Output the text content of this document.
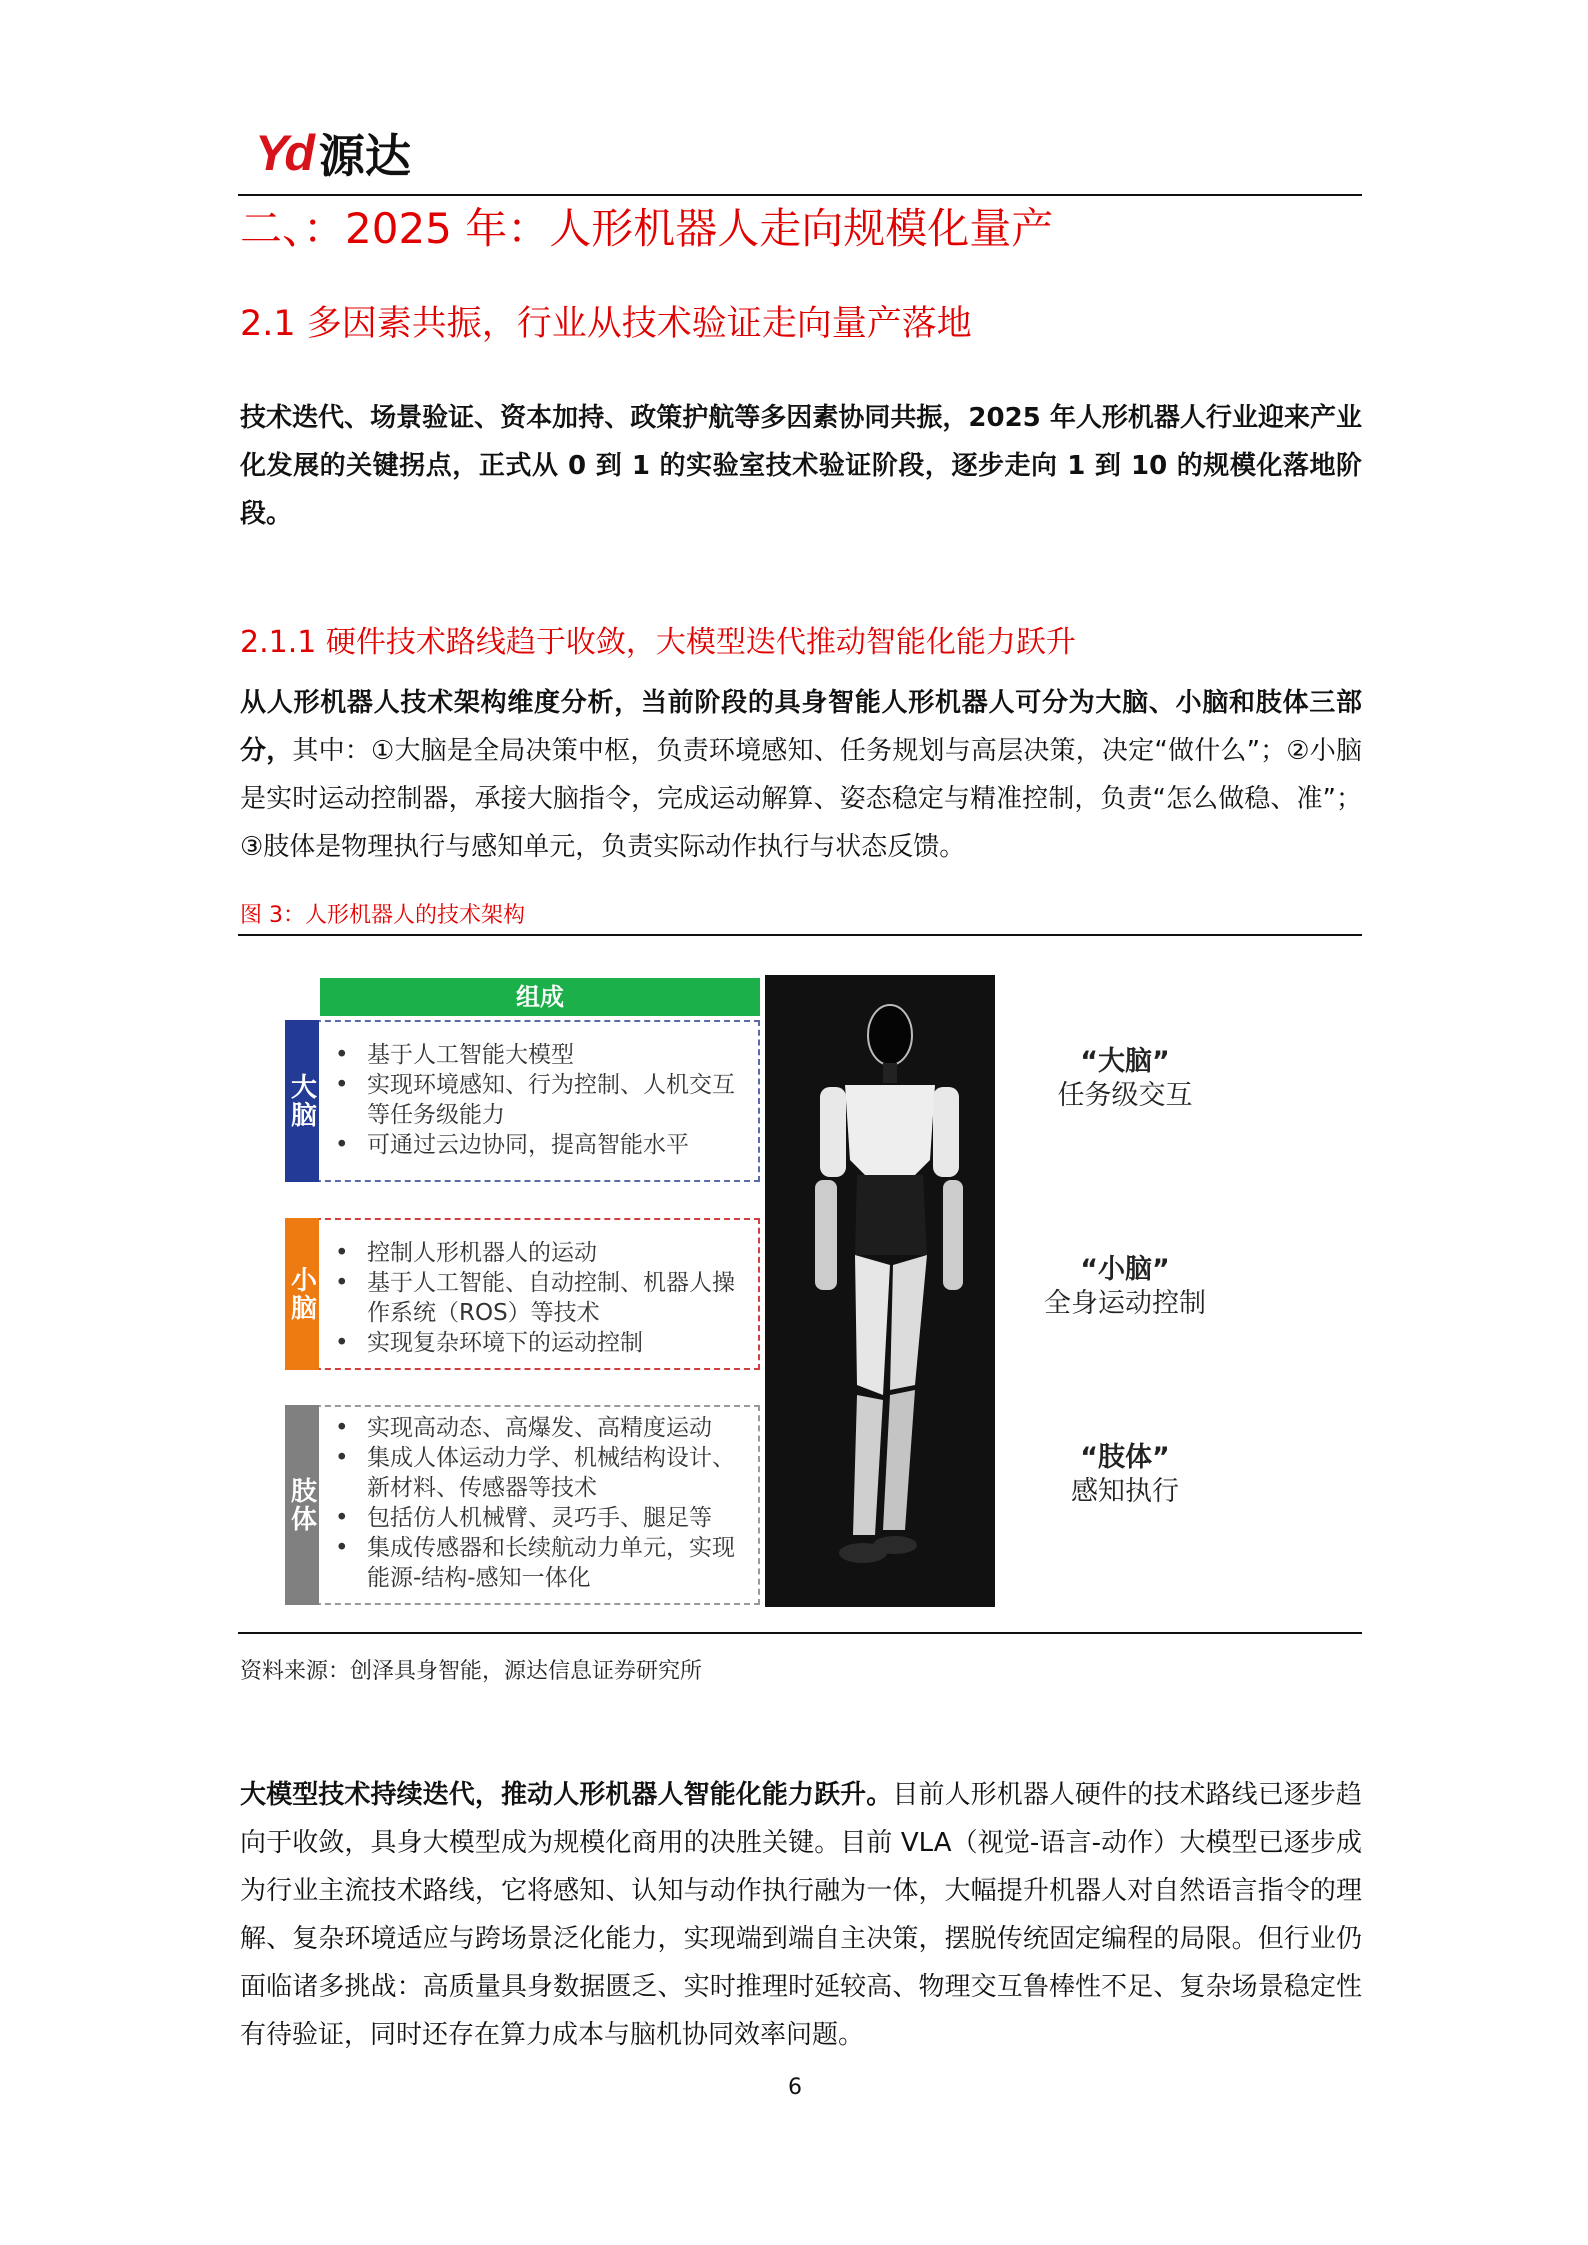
Yd 源达
二、：2025 年：人形机器人走向规模化量产
2.1 多因素共振，行业从技术验证走向量产落地
技术迭代、场景验证、资本加持、政策护航等多因素协同共振，2025 年人形机器人行业迎来产业化发展的关键拐点，正式从 0 到 1 的实验室技术验证阶段，逐步走向 1 到 10 的规模化落地阶段。
2.1.1 硬件技术路线趋于收敛，大模型迭代推动智能化能力跃升
从人形机器人技术架构维度分析，当前阶段的具身智能人形机器人可分为大脑、小脑和肢体三部分，其中：①大脑是全局决策中枢，负责环境感知、任务规划与高层决策，决定“做什么”；②小脑是实时运动控制器，承接大脑指令，完成运动解算、姿态稳定与精准控制，负责“怎么做稳、准”；③肢体是物理执行与感知单元，负责实际动作执行与状态反馈。
图 3：人形机器人的技术架构
组成
大脑
• 基于人工智能大模型
• 实现环境感知、行为控制、人机交互等任务级能力
• 可通过云边协同，提高智能水平
小脑
• 控制人形机器人的运动
• 基于人工智能、自动控制、机器人操作系统（ROS）等技术
• 实现复杂环境下的运动控制
肢体
• 实现高动态、高爆发、高精度运动
• 集成人体运动力学、机械结构设计、新材料、传感器等技术
• 包括仿人机械臂、灵巧手、腿足等
• 集成传感器和长续航动力单元，实现能源-结构-感知一体化
“大脑”
任务级交互
“小脑”
全身运动控制
“肢体”
感知执行
资料来源：创泽具身智能，源达信息证券研究所
大模型技术持续迭代，推动人形机器人智能化能力跃升。目前人形机器人硬件的技术路线已逐步趋向于收敛，具身大模型成为规模化商用的决胜关键。目前 VLA（视觉-语言-动作）大模型已逐步成为行业主流技术路线，它将感知、认知与动作执行融为一体，大幅提升机器人对自然语言指令的理解、复杂环境适应与跨场景泛化能力，实现端到端自主决策，摆脱传统固定编程的局限。但行业仍面临诸多挑战：高质量具身数据匮乏、实时推理时延较高、物理交互鲁棒性不足、复杂场景稳定性有待验证，同时还存在算力成本与脑机协同效率问题。
6
